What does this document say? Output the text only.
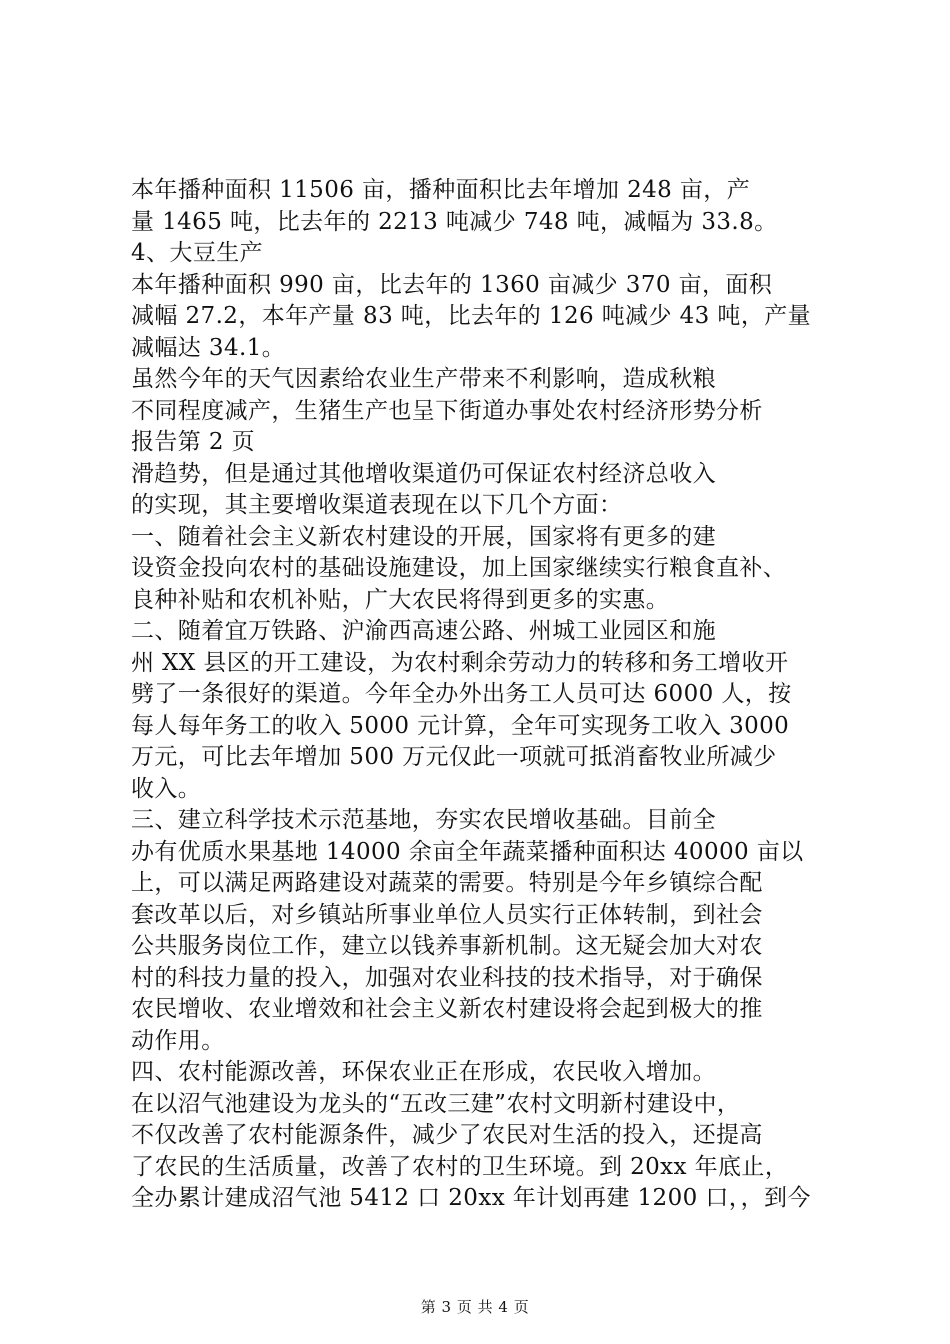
本年播种面积 11506 亩，播种面积比去年增加 248 亩，产
量 1465 吨，比去年的 2213 吨减少 748 吨，减幅为 33.8。
4、大豆生产
本年播种面积 990 亩，比去年的 1360 亩减少 370 亩，面积
减幅 27.2，本年产量 83 吨，比去年的 126 吨减少 43 吨，产量
减幅达 34.1。
虽然今年的天气因素给农业生产带来不利影响，造成秋粮
不同程度减产，生猪生产也呈下街道办事处农村经济形势分析
报告第 2 页
滑趋势，但是通过其他增收渠道仍可保证农村经济总收入
的实现，其主要增收渠道表现在以下几个方面：
一、随着社会主义新农村建设的开展，国家将有更多的建
设资金投向农村的基础设施建设，加上国家继续实行粮食直补、
良种补贴和农机补贴，广大农民将得到更多的实惠。
二、随着宜万铁路、沪渝西高速公路、州城工业园区和施
州 XX 县区的开工建设，为农村剩余劳动力的转移和务工增收开
劈了一条很好的渠道。今年全办外出务工人员可达 6000 人，按
每人每年务工的收入 5000 元计算，全年可实现务工收入 3000
万元，可比去年增加 500 万元仅此一项就可抵消畜牧业所减少
收入。
三、建立科学技术示范基地，夯实农民增收基础。目前全
办有优质水果基地 14000 余亩全年蔬菜播种面积达 40000 亩以
上，可以满足两路建设对蔬菜的需要。特别是今年乡镇综合配
套改革以后，对乡镇站所事业单位人员实行正体转制，到社会
公共服务岗位工作，建立以钱养事新机制。这无疑会加大对农
村的科技力量的投入，加强对农业科技的技术指导，对于确保
农民增收、农业增效和社会主义新农村建设将会起到极大的推
动作用。
四、农村能源改善，环保农业正在形成，农民收入增加。
在以沼气池建设为龙头的“五改三建”农村文明新村建设中，
不仅改善了农村能源条件，减少了农民对生活的投入，还提高
了农民的生活质量，改善了农村的卫生环境。到 20xx 年底止，
全办累计建成沼气池 5412 口 20xx 年计划再建 1200 口，，到今
第 3 页 共 4 页
